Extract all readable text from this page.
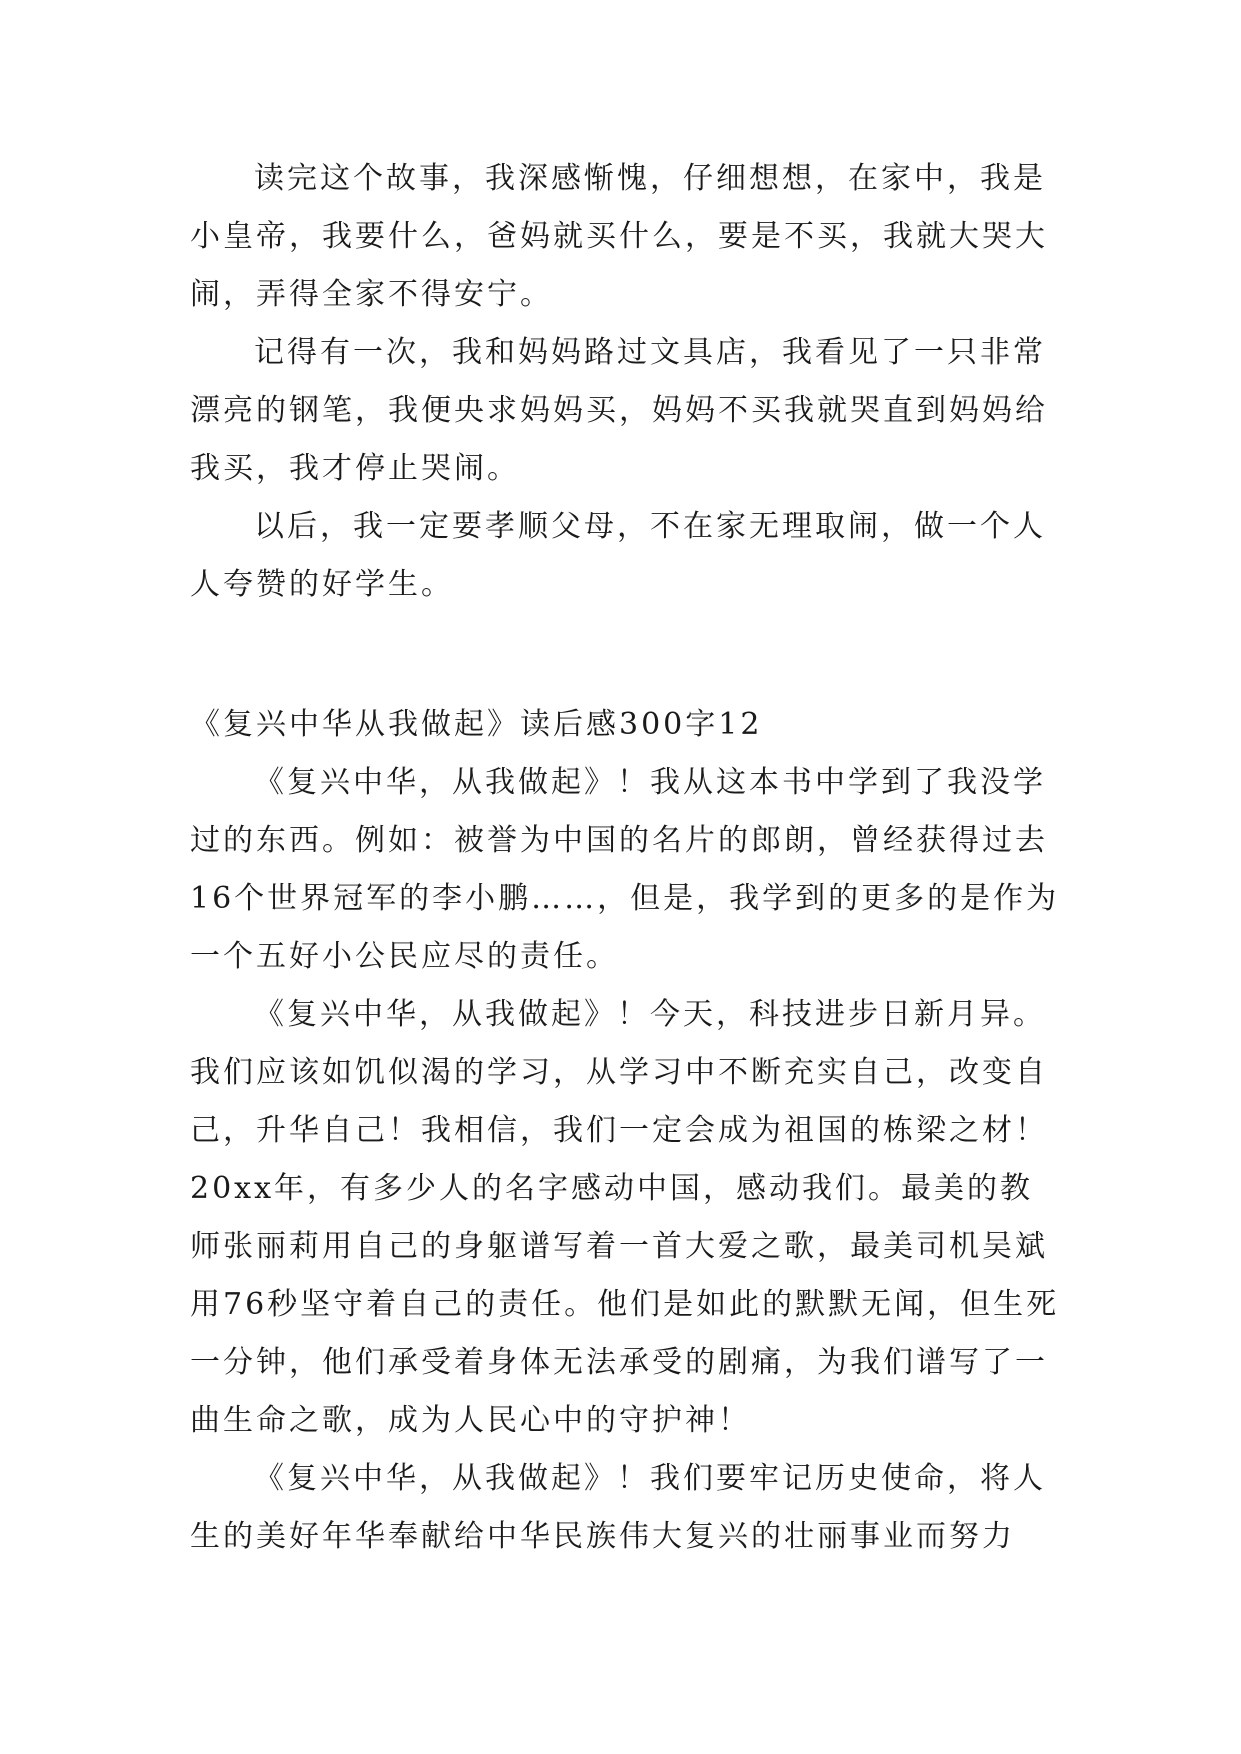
读完这个故事，我深感惭愧，仔细想想，在家中，我是小皇帝，我要什么，爸妈就买什么，要是不买，我就大哭大闹，弄得全家不得安宁。

记得有一次，我和妈妈路过文具店，我看见了一只非常漂亮的钢笔，我便央求妈妈买，妈妈不买我就哭直到妈妈给我买，我才停止哭闹。

以后，我一定要孝顺父母，不在家无理取闹，做一个人人夸赞的好学生。

《复兴中华从我做起》读后感300字12

《复兴中华，从我做起》！我从这本书中学到了我没学过的东西。例如：被誉为中国的名片的郎朗，曾经获得过去16个世界冠军的李小鹏……，但是，我学到的更多的是作为一个五好小公民应尽的责任。

《复兴中华，从我做起》！今天，科技进步日新月异。我们应该如饥似渴的学习，从学习中不断充实自己，改变自己，升华自己！我相信，我们一定会成为祖国的栋梁之材！20xx年，有多少人的名字感动中国，感动我们。最美的教师张丽莉用自己的身躯谱写着一首大爱之歌，最美司机吴斌用76秒坚守着自己的责任。他们是如此的默默无闻，但生死一分钟，他们承受着身体无法承受的剧痛，为我们谱写了一曲生命之歌，成为人民心中的守护神！

《复兴中华，从我做起》！我们要牢记历史使命，将人生的美好年华奉献给中华民族伟大复兴的壮丽事业而努力
